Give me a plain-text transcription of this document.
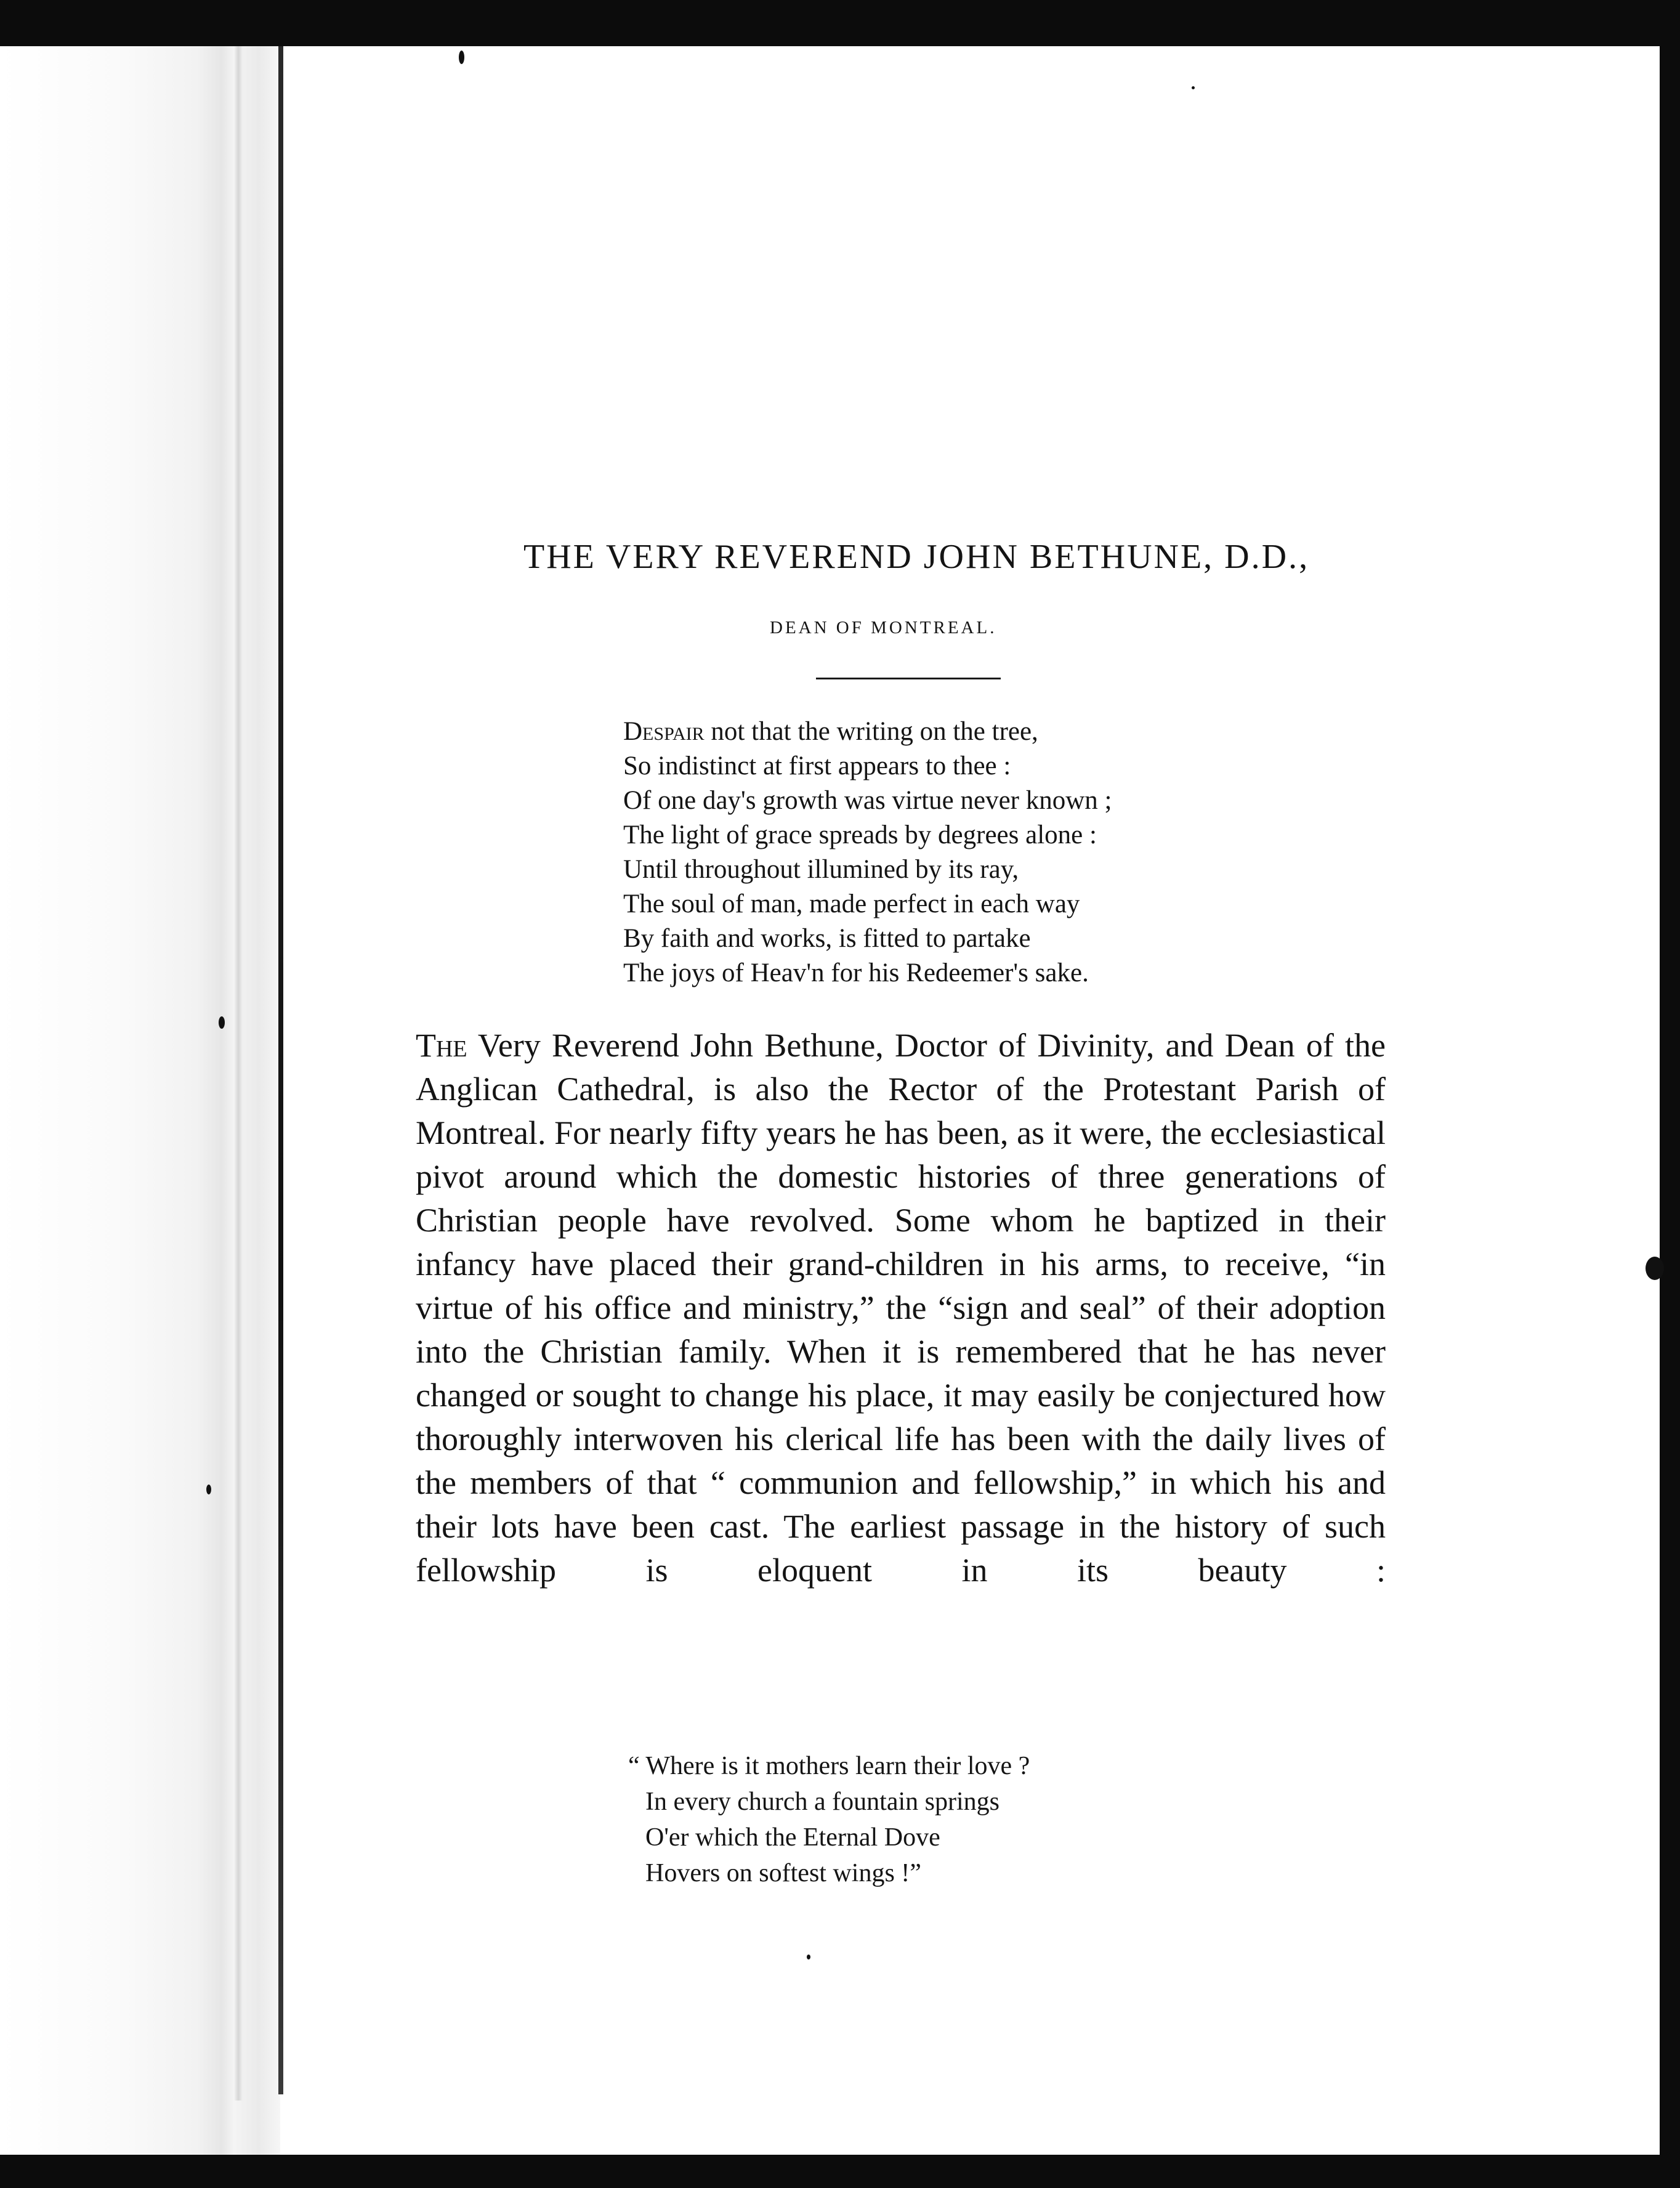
THE VERY REVEREND JOHN BETHUNE, D.D.,
DEAN OF MONTREAL.

Despair not that the writing on the tree,

So indistinct at first appears to thee :

Of one day's growth was virtue never known ;

The light of grace spreads by degrees alone :

Until throughout illumined by its ray,

The soul of man, made perfect in each way

By faith and works, is fitted to partake

The joys of Heav'n for his Redeemer's sake.

The Very Reverend John Bethune, Doctor of Divinity, and Dean of the Anglican Cathedral, is also the Rector of the Protestant Parish of Montreal. For nearly fifty years he has been, as it were, the ecclesiastical pivot around which the domestic histories of three generations of Christian people have revolved. Some whom he baptized in their infancy have placed their grand-children in his arms, to receive, “in virtue of his office and ministry,” the “sign and seal” of their adoption into the Christian family. When it is remembered that he has never changed or sought to change his place, it may easily be conjectured how thoroughly interwoven his clerical life has been with the daily lives of the members of that “ communion and fellowship,” in which his and their lots have been cast. The earliest passage in the history of such fellowship is eloquent in its beauty :

“ Where is it mothers learn their love ?

In every church a fountain springs

O'er which the Eternal Dove

Hovers on softest wings !”
